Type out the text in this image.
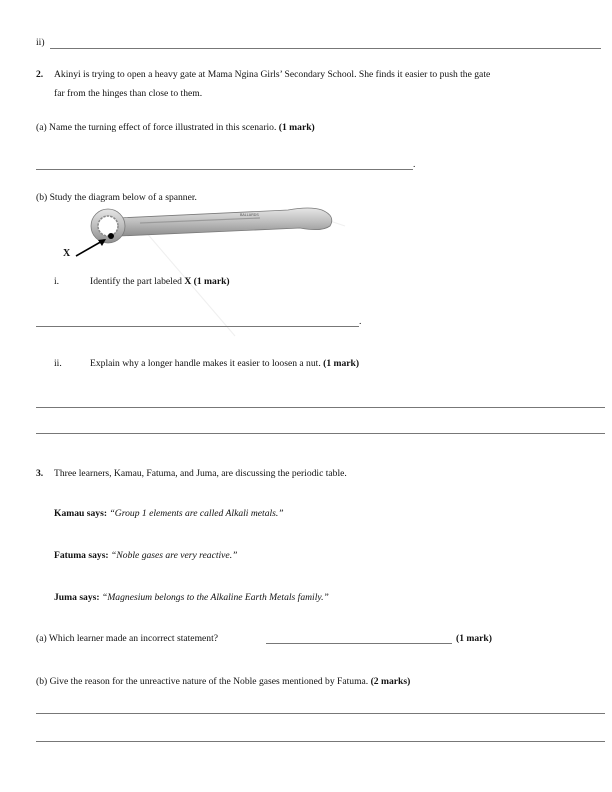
ii)
2. Akinyi is trying to open a heavy gate at Mama Ngina Girls’ Secondary School. She finds it easier to push the gate
far from the hinges than close to them.
(a) Name the turning effect of force illustrated in this scenario. (1 mark)
.
(b) Study the diagram below of a spanner.
BALLARDS
X
i.	Identify the part labeled X (1 mark)
.
ii.	Explain why a longer handle makes it easier to loosen a nut. (1 mark)
3. Three learners, Kamau, Fatuma, and Juma, are discussing the periodic table.
Kamau says: “Group 1 elements are called Alkali metals.”
Fatuma says: “Noble gases are very reactive.”
Juma says: “Magnesium belongs to the Alkaline Earth Metals family.”
(a) Which learner made an incorrect statement?	(1 mark)
(b) Give the reason for the unreactive nature of the Noble gases mentioned by Fatuma. (2 marks)
